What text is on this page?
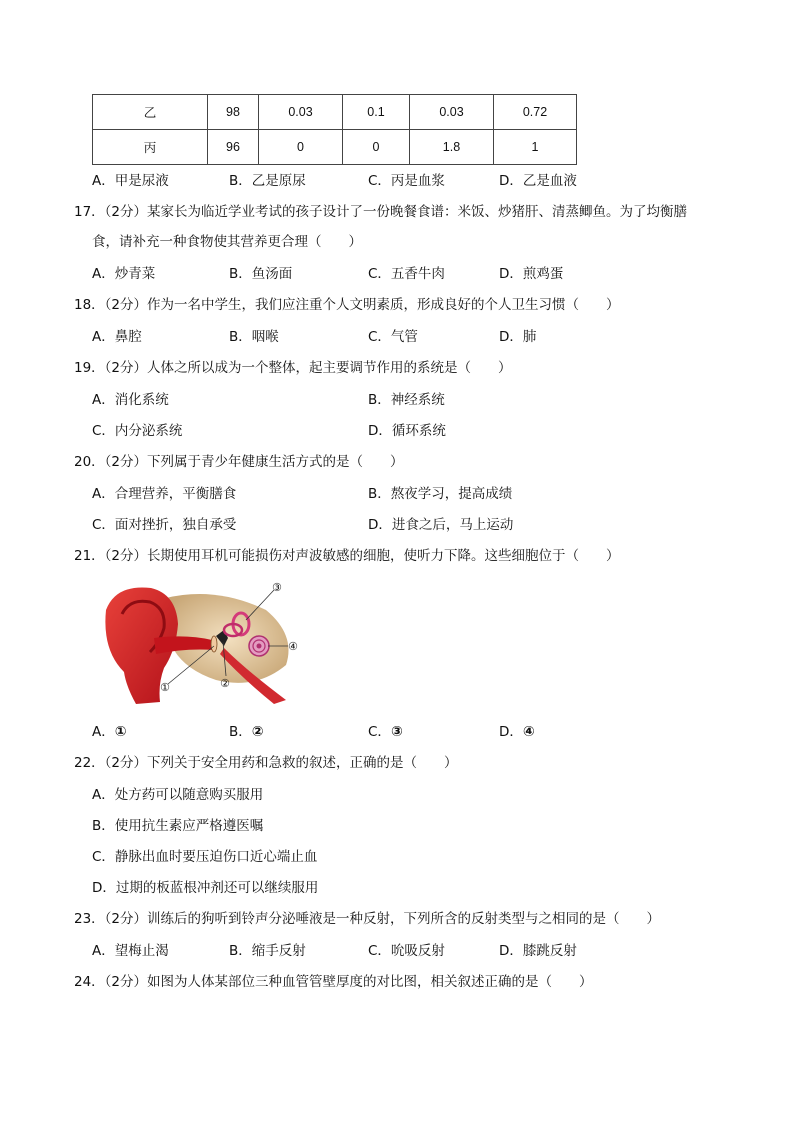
乙	98	0.03	0.1	0.03	0.72
丙	96	0	0	1.8	1
A．甲是尿液	B．乙是原尿	C．丙是血浆	D．乙是血液
17．（2分）某家长为临近学业考试的孩子设计了一份晚餐食谱：米饭、炒猪肝、清蒸鲫鱼。为了均衡膳
食，请补充一种食物使其营养更合理（　　）
A．炒青菜	B．鱼汤面	C．五香牛肉	D．煎鸡蛋
18．（2分）作为一名中学生，我们应注重个人文明素质，形成良好的个人卫生习惯（　　）
A．鼻腔	B．咽喉	C．气管	D．肺
19．（2分）人体之所以成为一个整体，起主要调节作用的系统是（　　）
A．消化系统	B．神经系统
C．内分泌系统	D．循环系统
20．（2分）下列属于青少年健康生活方式的是（　　）
A．合理营养，平衡膳食	B．熬夜学习，提高成绩
C．面对挫折，独自承受	D．进食之后，马上运动
21．（2分）长期使用耳机可能损伤对声波敏感的细胞，使听力下降。这些细胞位于（　　）
①	②
③
④
A．①	B．②	C．③	D．④
22．（2分）下列关于安全用药和急救的叙述，正确的是（　　）
A．处方药可以随意购买服用
B．使用抗生素应严格遵医嘱
C．静脉出血时要压迫伤口近心端止血
D．过期的板蓝根冲剂还可以继续服用
23．（2分）训练后的狗听到铃声分泌唾液是一种反射，下列所含的反射类型与之相同的是（　　）
A．望梅止渴	B．缩手反射	C．吮吸反射	D．膝跳反射
24．（2分）如图为人体某部位三种血管管壁厚度的对比图，相关叙述正确的是（　　）
